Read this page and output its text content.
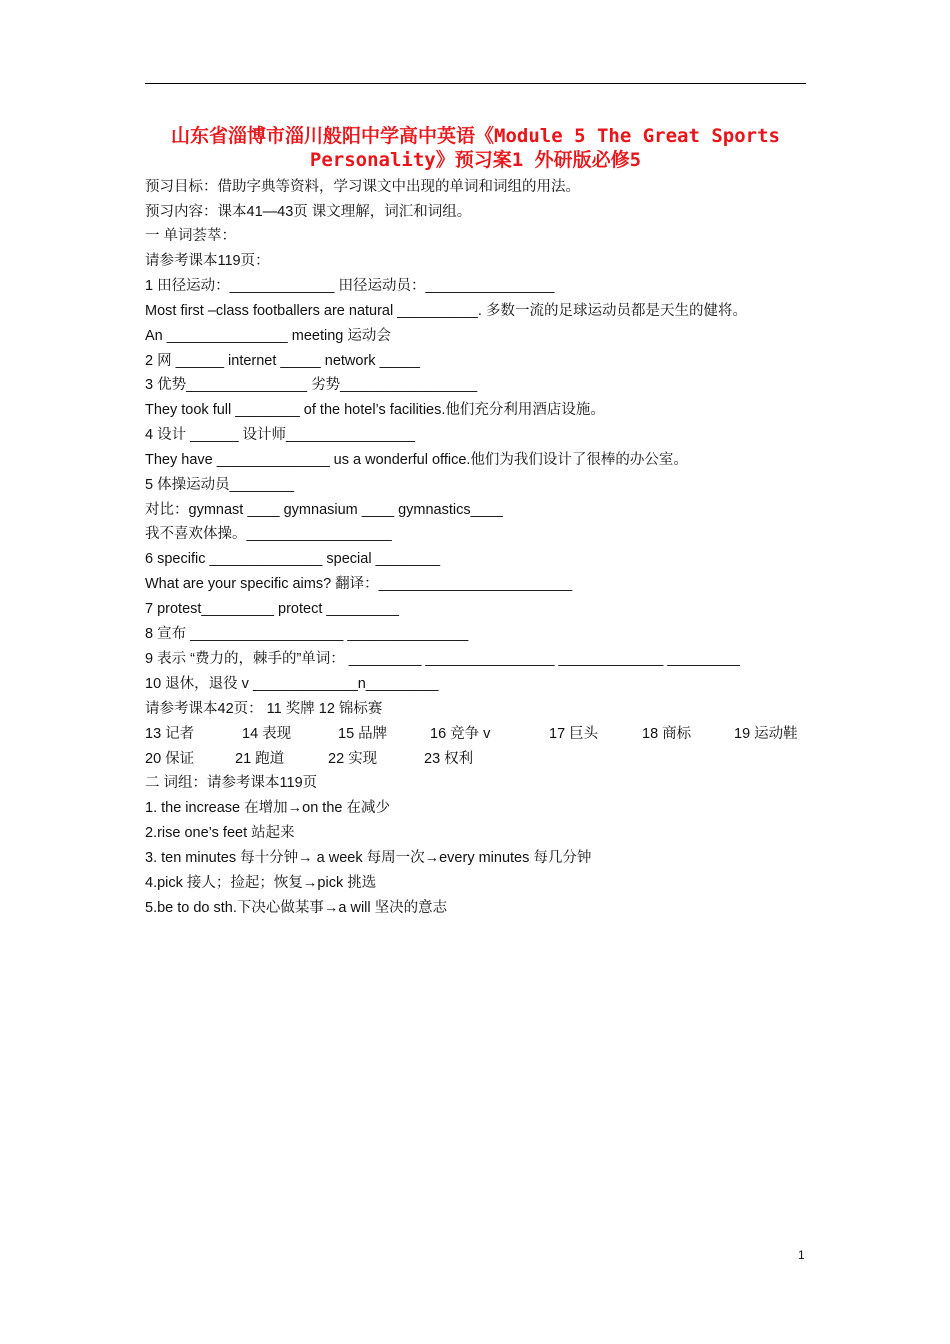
山东省淄博市淄川般阳中学高中英语《Module 5 The Great Sports
Personality》预习案1 外研版必修5

预习目标：借助字典等资料，学习课文中出现的单词和词组的用法。

预习内容：课本41—43页 课文理解，词汇和词组。

一 单词荟萃：

请参考课本119页：

1 田径运动：_____________ 田径运动员：________________

Most first –class footballers are natural __________. 多数一流的足球运动员都是天生的健将。

An _______________ meeting 运动会

2 网 ______ internet _____ network _____

3 优势_______________ 劣势_________________

They took full ________ of the hotel’s facilities.他们充分利用酒店设施。

4 设计 ______ 设计师________________

They have ______________ us a wonderful office.他们为我们设计了很棒的办公室。

5 体操运动员________

对比：gymnast ____ gymnasium ____ gymnastics____

我不喜欢体操。__________________

6 specific ______________ special ________

What are your specific aims? 翻译：________________________

7 protest_________ protect _________

8 宣布 ___________________ _______________

9 表示 “费力的，棘手的”单词： _________ ________________ _____________ _________

10 退休，退役 v _____________n_________

请参考课本42页： 11 奖牌 12 锦标赛

13 记者	14 表现	15 品牌	16 竞争 v	17 巨头	18 商标	19 运动鞋
20 保证	21 跑道	22 实现	23 权利

二 词组：请参考课本119页

1. the increase 在增加→on the 在减少

2.rise one’s feet 站起来

3. ten minutes 每十分钟→ a week 每周一次→every minutes 每几分钟

4.pick 接人；捡起；恢复→pick 挑选

5.be to do sth.下决心做某事→a will 坚决的意志

1
